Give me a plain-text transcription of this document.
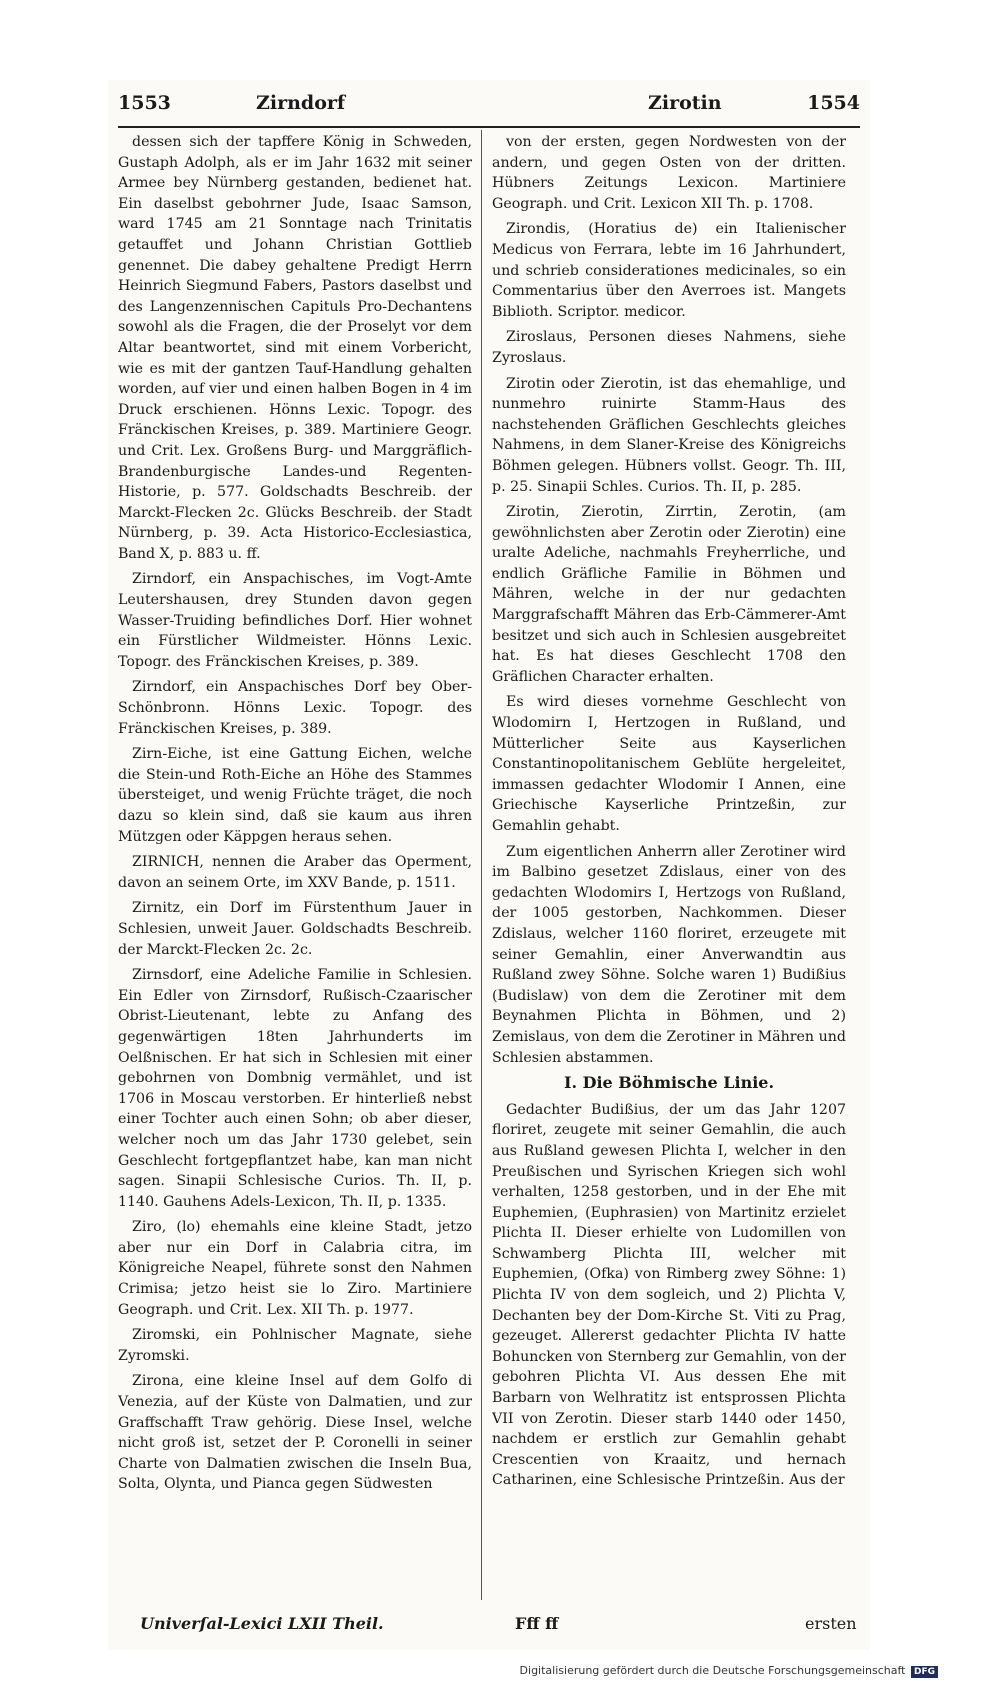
1553	Zirndorf	Zirotin	1554

dessen sich der tapffere König in Schweden, Gustaph Adolph, als er im Jahr 1632 mit seiner Armee bey Nürnberg gestanden, bedienet hat. Ein daselbst gebohrner Jude, Isaac Samson, ward 1745 am 21 Sonntage nach Trinitatis getauffet und Johann Christian Gottlieb genennet. Die dabey gehaltene Predigt Herrn Heinrich Siegmund Fabers, Pastors daselbst und des Langenzennischen Capituls Pro-Dechantens sowohl als die Fragen, die der Proselyt vor dem Altar beantwortet, sind mit einem Vorbericht, wie es mit der gantzen Tauf-Handlung gehalten worden, auf vier und einen halben Bogen in 4 im Druck erschienen. Hönns Lexic. Topogr. des Fränckischen Kreises, p. 389. Martiniere Geogr. und Crit. Lex. Großens Burg- und Marggräflich-Brandenburgische Landes-und Regenten-Historie, p. 577. Goldschadts Beschreib. der Marckt-Flecken 2c. Glücks Beschreib. der Stadt Nürnberg, p. 39. Acta Historico-Ecclesiastica, Band X, p. 883 u. ff.

Zirndorf, ein Anspachisches, im Vogt-Amte Leutershausen, drey Stunden davon gegen Wasser-Truiding befindliches Dorf. Hier wohnet ein Fürstlicher Wildmeister. Hönns Lexic. Topogr. des Fränckischen Kreises, p. 389.

Zirndorf, ein Anspachisches Dorf bey Ober-Schönbronn. Hönns Lexic. Topogr. des Fränckischen Kreises, p. 389.

Zirn-Eiche, ist eine Gattung Eichen, welche die Stein-und Roth-Eiche an Höhe des Stammes übersteiget, und wenig Früchte träget, die noch dazu so klein sind, daß sie kaum aus ihren Mützgen oder Käppgen heraus sehen.

ZIRNICH, nennen die Araber das Operment, davon an seinem Orte, im XXV Bande, p. 1511.

Zirnitz, ein Dorf im Fürstenthum Jauer in Schlesien, unweit Jauer. Goldschadts Beschreib. der Marckt-Flecken 2c. 2c.

Zirnsdorf, eine Adeliche Familie in Schlesien. Ein Edler von Zirnsdorf, Rußisch-Czaarischer Obrist-Lieutenant, lebte zu Anfang des gegenwärtigen 18ten Jahrhunderts im Oelßnischen. Er hat sich in Schlesien mit einer gebohrnen von Dombnig vermählet, und ist 1706 in Moscau verstorben. Er hinterließ nebst einer Tochter auch einen Sohn; ob aber dieser, welcher noch um das Jahr 1730 gelebet, sein Geschlecht fortgepflantzet habe, kan man nicht sagen. Sinapii Schlesische Curios. Th. II, p. 1140. Gauhens Adels-Lexicon, Th. II, p. 1335.

Ziro, (lo) ehemahls eine kleine Stadt, jetzo aber nur ein Dorf in Calabria citra, im Königreiche Neapel, führete sonst den Nahmen Crimisa; jetzo heist sie lo Ziro. Martiniere Geograph. und Crit. Lex. XII Th. p. 1977.

Ziromski, ein Pohlnischer Magnate, siehe Zyromski.

Zirona, eine kleine Insel auf dem Golfo di Venezia, auf der Küste von Dalmatien, und zur Graffschafft Traw gehörig. Diese Insel, welche nicht groß ist, setzet der P. Coronelli in seiner Charte von Dalmatien zwischen die Inseln Bua, Solta, Olynta, und Pianca gegen Südwesten

von der ersten, gegen Nordwesten von der andern, und gegen Osten von der dritten. Hübners Zeitungs Lexicon. Martiniere Geograph. und Crit. Lexicon XII Th. p. 1708.

Zirondis, (Horatius de) ein Italienischer Medicus von Ferrara, lebte im 16 Jahrhundert, und schrieb considerationes medicinales, so ein Commentarius über den Averroes ist. Mangets Biblioth. Scriptor. medicor.

Ziroslaus, Personen dieses Nahmens, siehe Zyroslaus.

Zirotin oder Zierotin, ist das ehemahlige, und nunmehro ruinirte Stamm-Haus des nachstehenden Gräflichen Geschlechts gleiches Nahmens, in dem Slaner-Kreise des Königreichs Böhmen gelegen. Hübners vollst. Geogr. Th. III, p. 25. Sinapii Schles. Curios. Th. II, p. 285.

Zirotin, Zierotin, Zirrtin, Zerotin, (am gewöhnlichsten aber Zerotin oder Zierotin) eine uralte Adeliche, nachmahls Freyherrliche, und endlich Gräfliche Familie in Böhmen und Mähren, welche in der nur gedachten Marggrafschafft Mähren das Erb-Cämmerer-Amt besitzet und sich auch in Schlesien ausgebreitet hat. Es hat dieses Geschlecht 1708 den Gräflichen Character erhalten.

Es wird dieses vornehme Geschlecht von Wlodomirn I, Hertzogen in Rußland, und Mütterlicher Seite aus Kayserlichen Constantinopolitanischem Geblüte hergeleitet, immassen gedachter Wlodomir I Annen, eine Griechische Kayserliche Printzeßin, zur Gemahlin gehabt.

Zum eigentlichen Anherrn aller Zerotiner wird im Balbino gesetzet Zdislaus, einer von des gedachten Wlodomirs I, Hertzogs von Rußland, der 1005 gestorben, Nachkommen. Dieser Zdislaus, welcher 1160 floriret, erzeugete mit seiner Gemahlin, einer Anverwandtin aus Rußland zwey Söhne. Solche waren 1) Budißius (Budislaw) von dem die Zerotiner mit dem Beynahmen Plichta in Böhmen, und 2) Zemislaus, von dem die Zerotiner in Mähren und Schlesien abstammen.

I. Die Böhmische Linie.

Gedachter Budißius, der um das Jahr 1207 floriret, zeugete mit seiner Gemahlin, die auch aus Rußland gewesen Plichta I, welcher in den Preußischen und Syrischen Kriegen sich wohl verhalten, 1258 gestorben, und in der Ehe mit Euphemien, (Euphrasien) von Martinitz erzielet Plichta II. Dieser erhielte von Ludomillen von Schwamberg Plichta III, welcher mit Euphemien, (Ofka) von Rimberg zwey Söhne: 1) Plichta IV von dem sogleich, und 2) Plichta V, Dechanten bey der Dom-Kirche St. Viti zu Prag, gezeuget. Allererst gedachter Plichta IV hatte Bohuncken von Sternberg zur Gemahlin, von der gebohren Plichta VI. Aus dessen Ehe mit Barbarn von Welhratitz ist entsprossen Plichta VII von Zerotin. Dieser starb 1440 oder 1450, nachdem er erstlich zur Gemahlin gehabt Crescentien von Kraaitz, und hernach Catharinen, eine Schlesische Printzeßin. Aus der

Univerſal-Lexici LXII Theil.	Fff ff	ersten
Digitalisierung gefördert durch die Deutsche Forschungsgemeinschaft DFG
